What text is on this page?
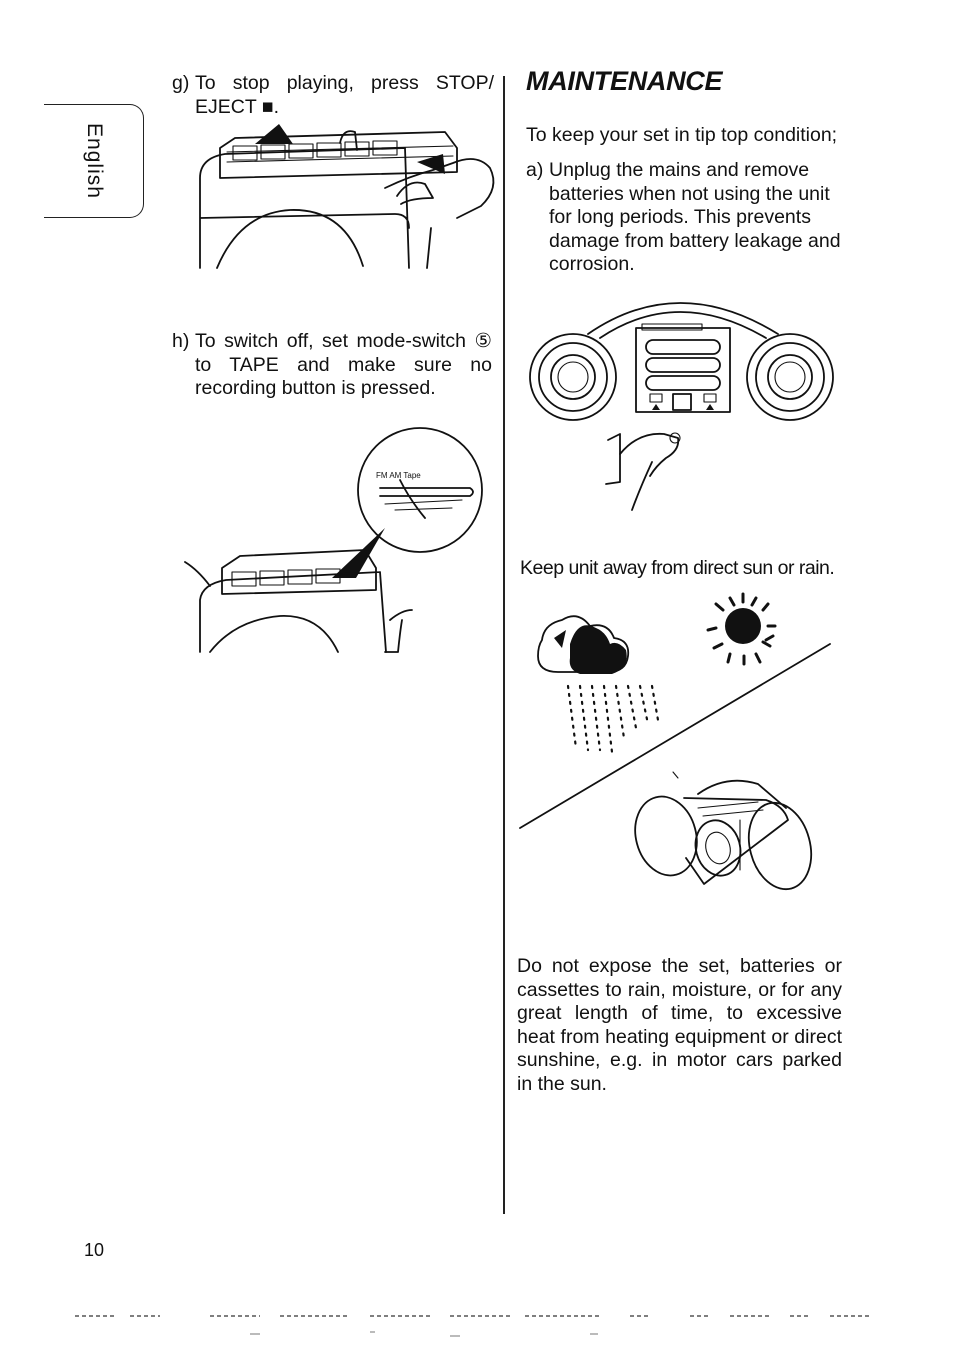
English
g) To stop playing, press STOP/ EJECT ■.
h) To switch off, set mode-switch ⑤ to TAPE and make sure no recording button is pressed.
FM AM Tape
MAINTENANCE
To keep your set in tip top condition;
a) Unplug the mains and remove batteries when not using the unit for long periods. This prevents damage from battery leakage and corrosion.
Keep unit away from direct sun or rain.
Do not expose the set, batteries or cassettes to rain, moisture, or for any great length of time, to excessive heat from heating equipment or direct sunshine, e.g. in motor cars parked in the sun.
10
